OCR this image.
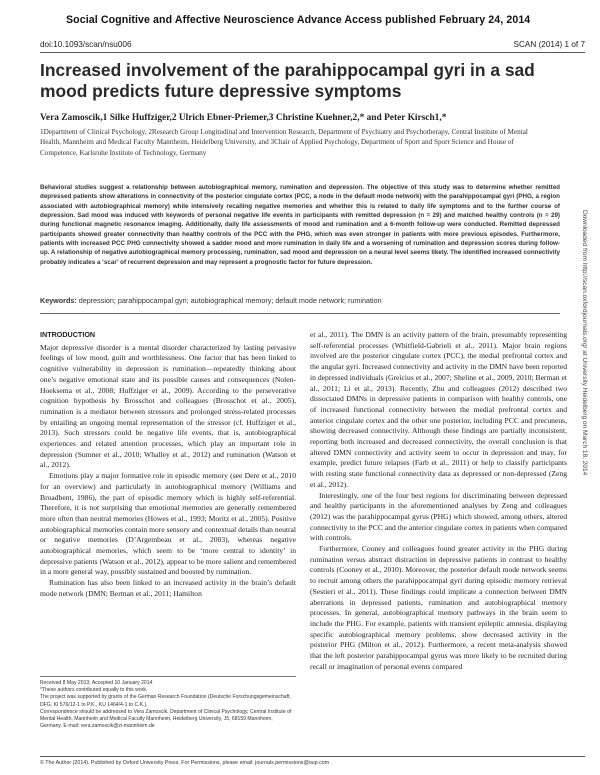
Social Cognitive and Affective Neuroscience Advance Access published February 24, 2014
doi:10.1093/scan/nsu006	SCAN (2014) 1 of 7
Increased involvement of the parahippocampal gyri in a sad mood predicts future depressive symptoms
Vera Zamoscik,1 Silke Huffziger,2 Ulrich Ebner-Priemer,3 Christine Kuehner,2,* and Peter Kirsch1,*
1Department of Clinical Psychology, 2Research Group Longitudinal and Intervention Research, Department of Psychiatry and Psychotherapy, Central Institute of Mental Health, Mannheim and Medical Faculty Mannheim, Heidelberg University, and 3Chair of Applied Psychology, Department of Sport and Sport Science and House of Competence, Karlsruhe Institute of Technology, Germany
Behavioral studies suggest a relationship between autobiographical memory, rumination and depression. The objective of this study was to determine whether remitted depressed patients show alterations in connectivity of the posterior cingulate cortex (PCC, a node in the default mode network) with the parahippocampal gyri (PHG, a region associated with autobiographical memory) while intensively recalling negative memories and whether this is related to daily life symptoms and to the further course of depression. Sad mood was induced with keywords of personal negative life events in participants with remitted depression (n = 29) and matched healthy controls (n = 29) during functional magnetic resonance imaging. Additionally, daily life assessments of mood and rumination and a 6-month follow-up were conducted. Remitted depressed participants showed greater connectivity than healthy controls of the PCC with the PHG, which was even stronger in patients with more previous episodes. Furthermore, patients with increased PCC PHG connectivity showed a sadder mood and more rumination in daily life and a worsening of rumination and depression scores during follow-up. A relationship of negative autobiographical memory processing, rumination, sad mood and depression on a neural level seems likely. The identified increased connectivity probably indicates a ‘scar’ of recurrent depression and may represent a prognostic factor for future depression.
Keywords: depression; parahippocampal gyri; autobiographical memory; default mode network; rumination
INTRODUCTION

Major depressive disorder is a mental disorder characterized by lasting pervasive feelings of low mood, guilt and worthlessness. One factor that has been linked to cognitive vulnerability in depression is rumination—repeatedly thinking about one’s negative emotional state and its possible causes and consequences (Nolen-Hoeksema et al., 2008; Huffziger et al., 2009). According to the perseverative cognition hypothesis by Brosschot and colleagues (Brosschot et al., 2005), rumination is a mediator between stressors and prolonged stress-related processes by entailing an ongoing mental representation of the stressor (cf. Huffziger et al., 2013). Such stressors could be negative life events, that is, autobiographical experiences and related attention processes, which play an important role in depression (Sumner et al., 2010; Whalley et al., 2012) and rumination (Watson et al., 2012).

Emotions play a major formative role in episodic memory (see Dere et al., 2010 for an overview) and particularly in autobiographical memory (Williams and Broadbent, 1986), the part of episodic memory which is highly self-referential. Therefore, it is not surprising that emotional memories are generally remembered more often than neutral memories (Howes et al., 1993; Moritz et al., 2005). Positive autobiographical memories contain more sensory and contextual details than neutral or negative memories (D’Argembeau et al., 2003), whereas negative autobiographical memories, which seem to be ‘more central to identity’ in depressive patients (Watson et al., 2012), appear to be more salient and remembered in a more general way, possibly sustained and boosted by rumination.

Rumination has also been linked to an increased activity in the brain’s default mode network (DMN; Berman et al., 2011; Hamilton

Received 8 May 2013; Accepted 10 January 2014
*These authors contributed equally to this work.
The project was supported by grants of the German Research Foundation (Deutsche Forschungsgemeinschaft,
DFG, KI 576/12-1 to P.K., KU 1464/4-1 to C.K.).
Correspondence should be addressed to Vera Zamoscik, Department of Clinical Psychology, Central Institute of
Mental Health, Mannheim and Medical Faculty Mannheim, Heidelberg University, J5, 68159 Mannheim,
Germany. E-mail: vera.zamoscik@zi-mannheim.de

et al., 2011). The DMN is an activity pattern of the brain, presumably representing self-referential processes (Whitfield-Gabrieli et al., 2011). Major brain regions involved are the posterior cingulate cortex (PCC), the medial prefrontal cortex and the angular gyri. Increased connectivity and activity in the DMN have been reported in depressed individuals (Greicius et al., 2007; Sheline et al., 2009, 2010; Berman et al., 2011; Li et al., 2013). Recently, Zhu and colleagues (2012) described two dissociated DMNs in depressive patients in comparison with healthy controls, one of increased functional connectivity between the medial prefrontal cortex and anterior cingulate cortex and the other one posterior, including PCC and precuneus, showing decreased connectivity. Although these findings are partially inconsistent, reporting both increased and decreased connectivity, the overall conclusion is that altered DMN connectivity and activity seem to occur in depression and may, for example, predict future relapses (Farb et al., 2011) or help to classify participants with resting state functional connectivity data as depressed or non-depressed (Zeng et al., 2012).

Interestingly, one of the four best regions for discriminating between depressed and healthy participants in the aforementioned analyses by Zeng and colleagues (2012) was the parahippocampal gyrus (PHG) which showed, among others, altered connectivity to the PCC and the anterior cingulate cortex in patients when compared with controls.

Furthermore, Cooney and colleagues found greater activity in the PHG during rumination versus abstract distraction in depressive patients in contrast to healthy controls (Cooney et al., 2010). Moreover, the posterior default mode network seems to recruit among others the parahippocampal gyri during episodic memory retrieval (Sestieri et al., 2011). These findings could implicate a connection between DMN aberrations in depressed patients, rumination and autobiographical memory processes. In general, autobiographical memory pathways in the brain seem to include the PHG. For example, patients with transient epileptic amnesia, displaying specific autobiographical memory problems, show decreased activity in the posterior PHG (Milton et al., 2012). Furthermore, a recent meta-analysis showed that the left posterior parahippocampal gyrus was more likely to be recruited during recall or imagination of personal events compared

© The Author (2014). Published by Oxford University Press. For Permissions, please email: journals.permissions@oup.com
Downloaded from http://scan.oxfordjournals.org/ at University Heidelberg on March 18, 2014
